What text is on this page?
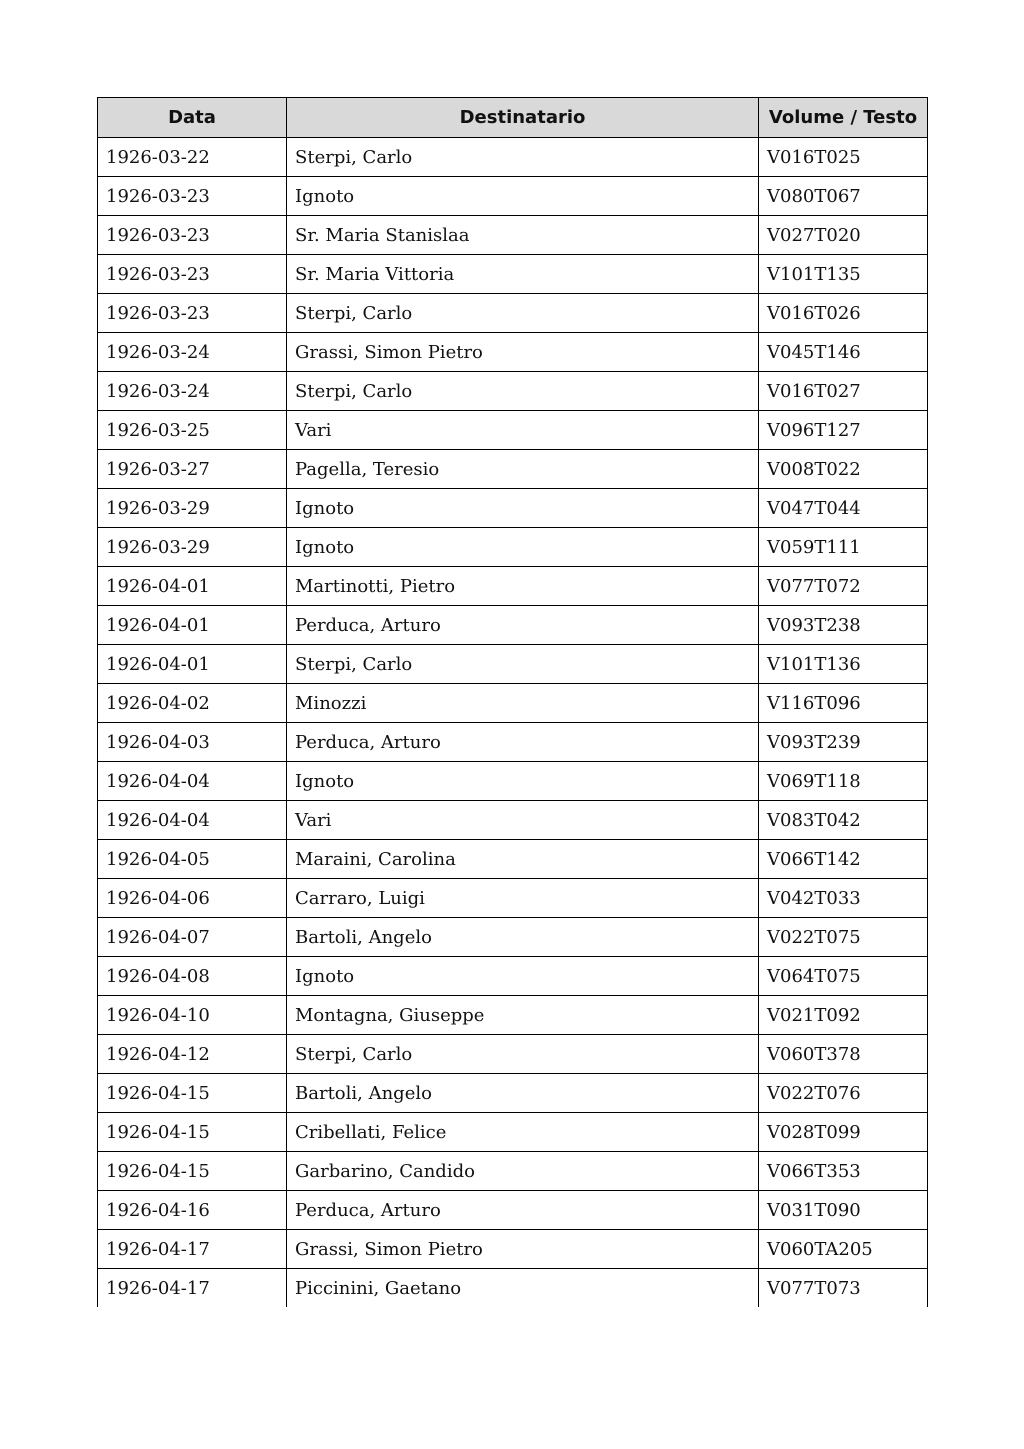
Data	Destinatario	Volume / Testo
1926-03-22	Sterpi, Carlo	V016T025
1926-03-23	Ignoto	V080T067
1926-03-23	Sr. Maria Stanislaa	V027T020
1926-03-23	Sr. Maria Vittoria	V101T135
1926-03-23	Sterpi, Carlo	V016T026
1926-03-24	Grassi, Simon Pietro	V045T146
1926-03-24	Sterpi, Carlo	V016T027
1926-03-25	Vari	V096T127
1926-03-27	Pagella, Teresio	V008T022
1926-03-29	Ignoto	V047T044
1926-03-29	Ignoto	V059T111
1926-04-01	Martinotti, Pietro	V077T072
1926-04-01	Perduca, Arturo	V093T238
1926-04-01	Sterpi, Carlo	V101T136
1926-04-02	Minozzi	V116T096
1926-04-03	Perduca, Arturo	V093T239
1926-04-04	Ignoto	V069T118
1926-04-04	Vari	V083T042
1926-04-05	Maraini, Carolina	V066T142
1926-04-06	Carraro, Luigi	V042T033
1926-04-07	Bartoli, Angelo	V022T075
1926-04-08	Ignoto	V064T075
1926-04-10	Montagna, Giuseppe	V021T092
1926-04-12	Sterpi, Carlo	V060T378
1926-04-15	Bartoli, Angelo	V022T076
1926-04-15	Cribellati, Felice	V028T099
1926-04-15	Garbarino, Candido	V066T353
1926-04-16	Perduca, Arturo	V031T090
1926-04-17	Grassi, Simon Pietro	V060TA205
1926-04-17	Piccinini, Gaetano	V077T073
